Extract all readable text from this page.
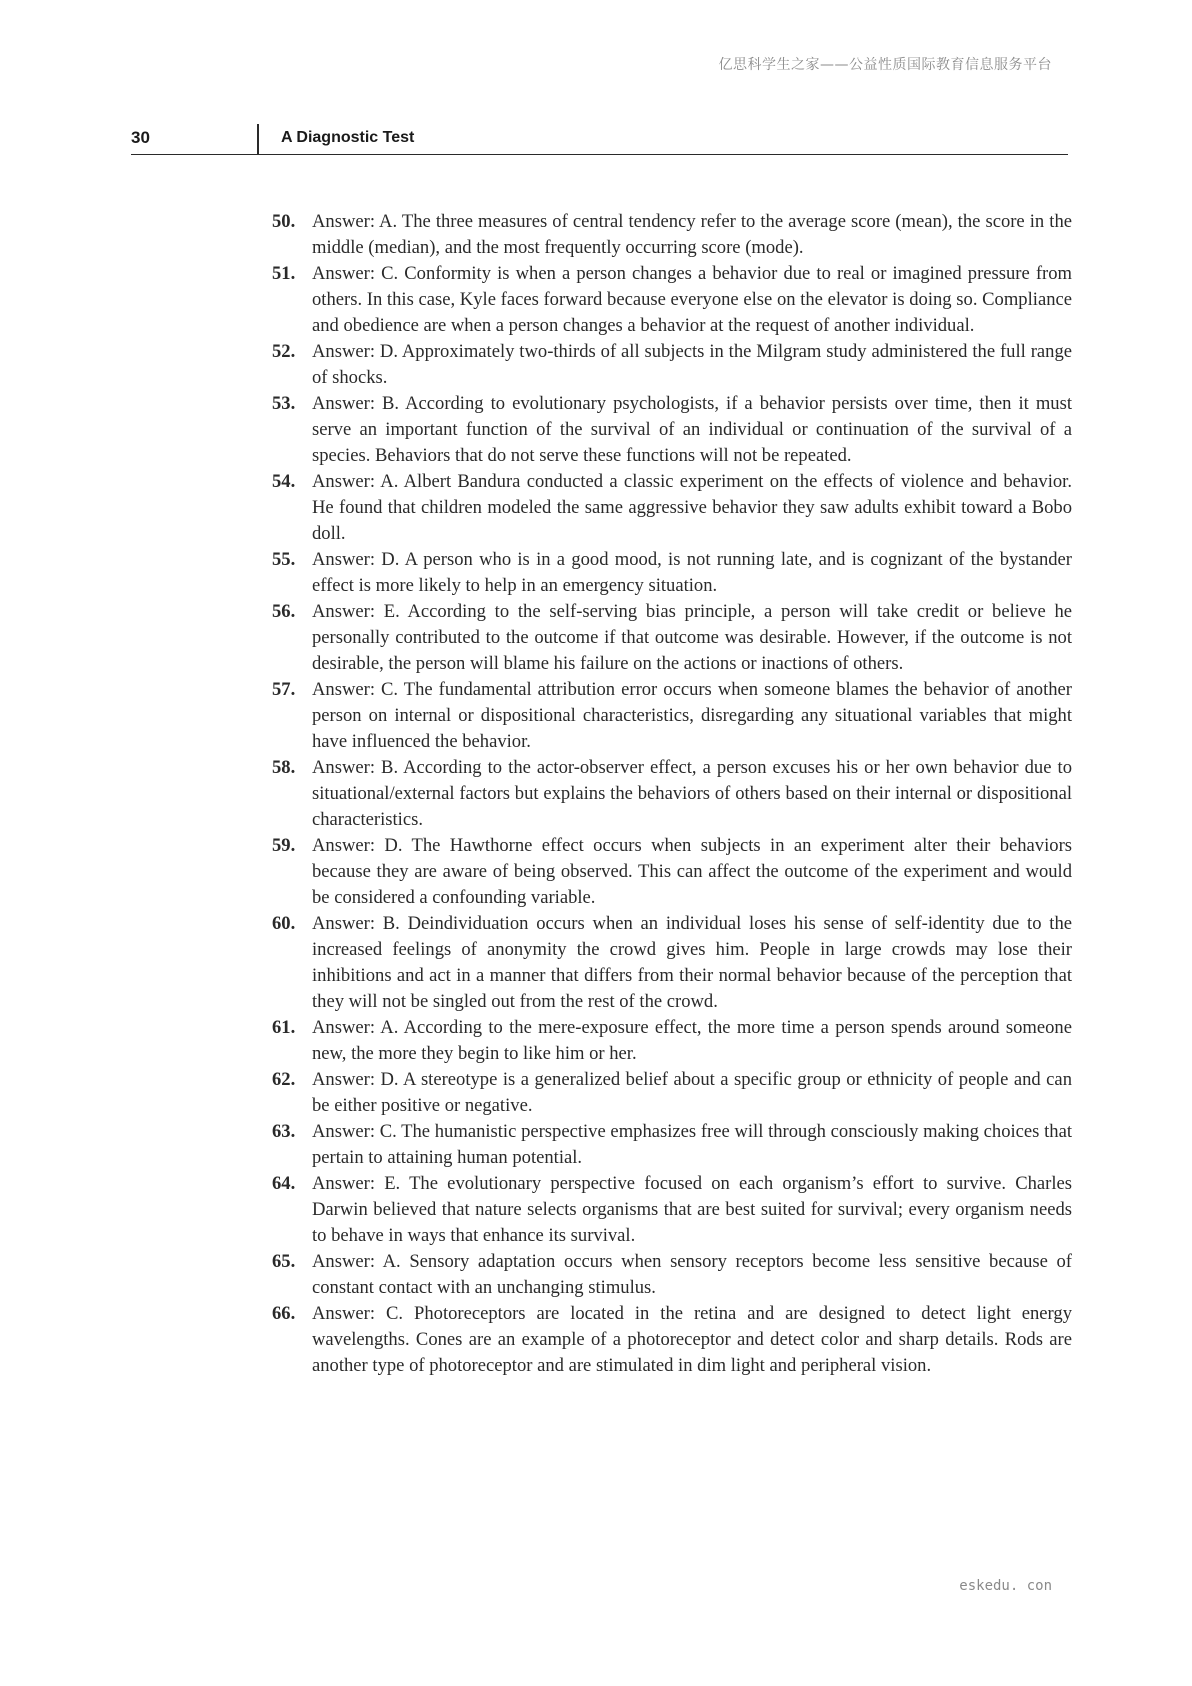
亿思科学生之家——公益性质国际教育信息服务平台
30	A Diagnostic Test
50. Answer: A. The three measures of central tendency refer to the average score (mean), the score in the middle (median), and the most frequently occurring score (mode).
51. Answer: C. Conformity is when a person changes a behavior due to real or imagined pressure from others. In this case, Kyle faces forward because everyone else on the elevator is doing so. Compliance and obedience are when a person changes a behavior at the request of another individual.
52. Answer: D. Approximately two-thirds of all subjects in the Milgram study administered the full range of shocks.
53. Answer: B. According to evolutionary psychologists, if a behavior persists over time, then it must serve an important function of the survival of an individual or continuation of the survival of a species. Behaviors that do not serve these functions will not be repeated.
54. Answer: A. Albert Bandura conducted a classic experiment on the effects of violence and behavior. He found that children modeled the same aggressive behavior they saw adults exhibit toward a Bobo doll.
55. Answer: D. A person who is in a good mood, is not running late, and is cognizant of the bystander effect is more likely to help in an emergency situation.
56. Answer: E. According to the self-serving bias principle, a person will take credit or believe he personally contributed to the outcome if that outcome was desirable. However, if the outcome is not desirable, the person will blame his failure on the actions or inactions of others.
57. Answer: C. The fundamental attribution error occurs when someone blames the behavior of another person on internal or dispositional characteristics, disregarding any situational variables that might have influenced the behavior.
58. Answer: B. According to the actor-observer effect, a person excuses his or her own behavior due to situational/external factors but explains the behaviors of others based on their internal or dispositional characteristics.
59. Answer: D. The Hawthorne effect occurs when subjects in an experiment alter their behaviors because they are aware of being observed. This can affect the outcome of the experiment and would be considered a confounding variable.
60. Answer: B. Deindividuation occurs when an individual loses his sense of self-identity due to the increased feelings of anonymity the crowd gives him. People in large crowds may lose their inhibitions and act in a manner that differs from their normal behavior because of the perception that they will not be singled out from the rest of the crowd.
61. Answer: A. According to the mere-exposure effect, the more time a person spends around someone new, the more they begin to like him or her.
62. Answer: D. A stereotype is a generalized belief about a specific group or ethnicity of people and can be either positive or negative.
63. Answer: C. The humanistic perspective emphasizes free will through consciously making choices that pertain to attaining human potential.
64. Answer: E. The evolutionary perspective focused on each organism’s effort to survive. Charles Darwin believed that nature selects organisms that are best suited for survival; every organism needs to behave in ways that enhance its survival.
65. Answer: A. Sensory adaptation occurs when sensory receptors become less sensitive because of constant contact with an unchanging stimulus.
66. Answer: C. Photoreceptors are located in the retina and are designed to detect light energy wavelengths. Cones are an example of a photoreceptor and detect color and sharp details. Rods are another type of photoreceptor and are stimulated in dim light and peripheral vision.
eskedu. con
